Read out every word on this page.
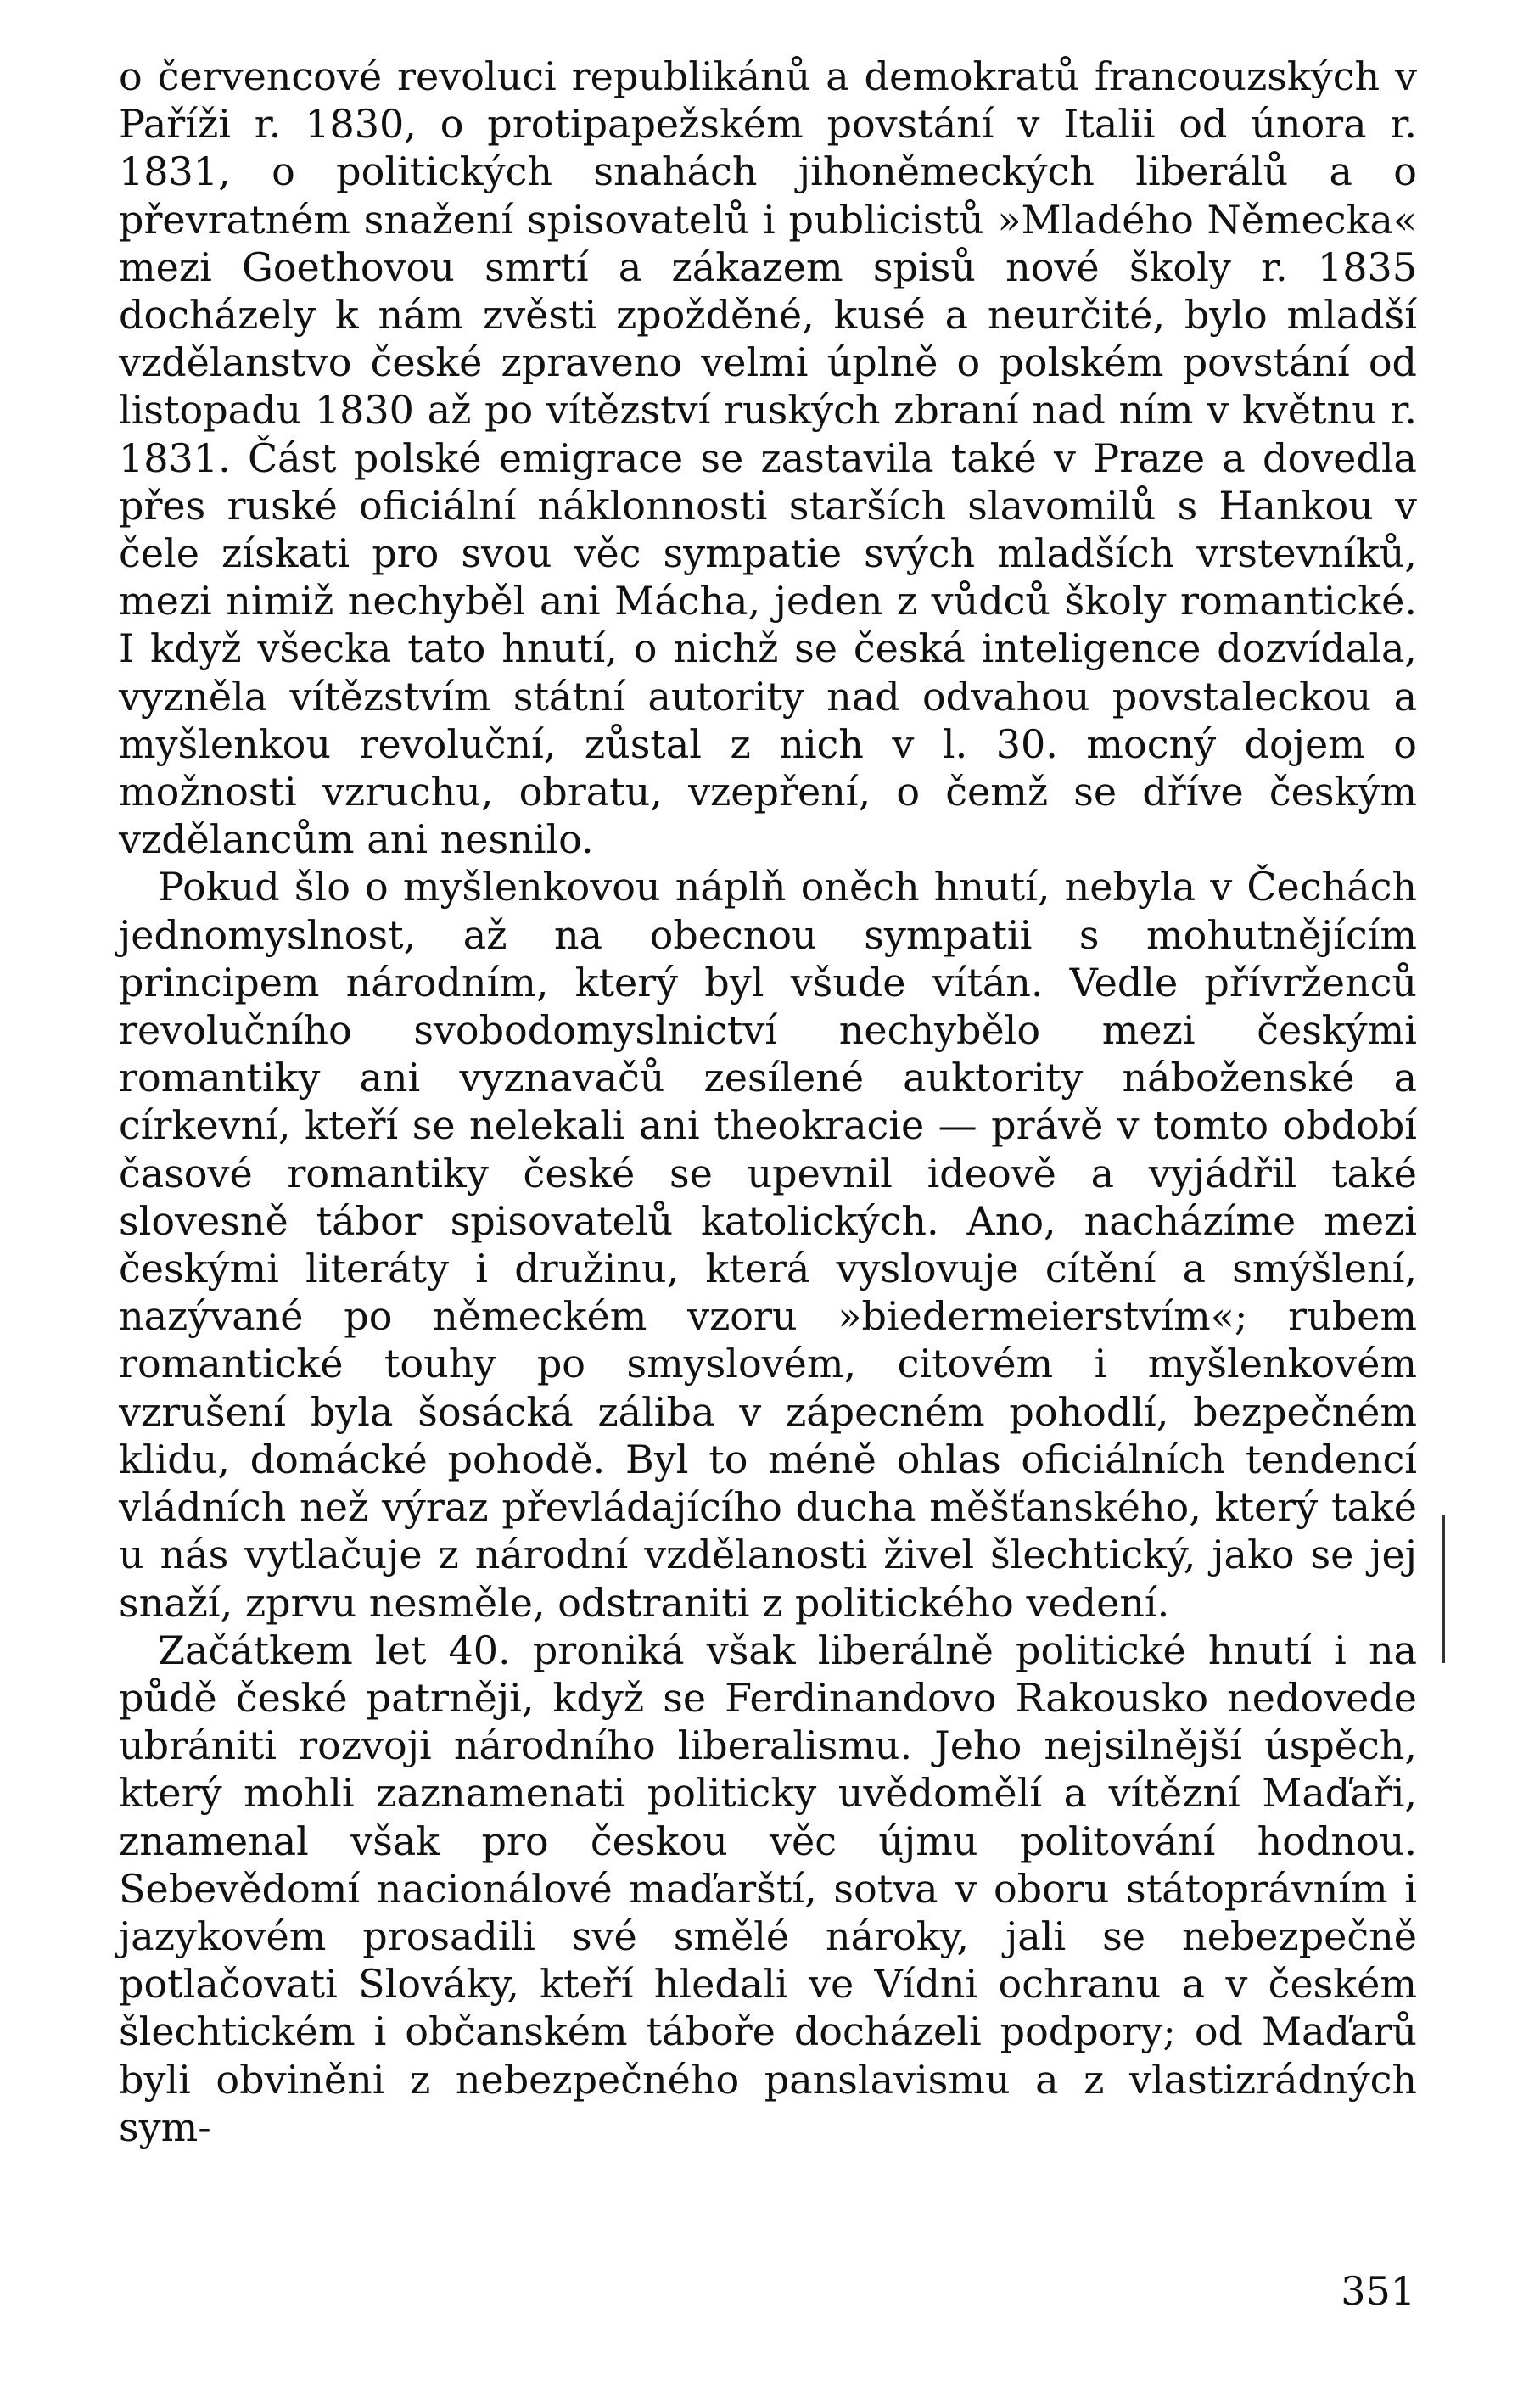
o červencové revoluci republikánů a demokratů francouzských v Paříži r. 1830, o protipapežském povstání v Italii od února r. 1831, o politických snahách jihoněmeckých liberálů a o převratném snažení spisovatelů i publicistů »Mladého Německa« mezi Goethovou smrtí a zákazem spisů nové školy r. 1835 docházely k nám zvěsti zpožděné, kusé a neurčité, bylo mladší vzdělanstvo české zpraveno velmi úplně o polském povstání od listopadu 1830 až po vítězství ruských zbraní nad ním v květnu r. 1831. Část polské emigrace se zastavila také v Praze a dovedla přes ruské oficiální náklonnosti starších slavomilů s Hankou v čele získati pro svou věc sympatie svých mladších vrstevníků, mezi nimiž nechyběl ani Mácha, jeden z vůdců školy romantické. I když všecka tato hnutí, o nichž se česká inteligence dozvídala, vyzněla vítězstvím státní autority nad odvahou povstaleckou a myšlenkou revoluční, zůstal z nich v l. 30. mocný dojem o možnosti vzruchu, obratu, vzepření, o čemž se dříve českým vzdělancům ani nesnilo.

Pokud šlo o myšlenkovou náplň oněch hnutí, nebyla v Čechách jednomyslnost, až na obecnou sympatii s mohutnějícím principem národním, který byl všude vítán. Vedle přívrženců revolučního svobodomyslnictví nechybělo mezi českými romantiky ani vyznavačů zesílené auktority náboženské a církevní, kteří se nelekali ani theokracie — právě v tomto období časové romantiky české se upevnil ideově a vyjádřil také slovesně tábor spisovatelů katolických. Ano, nacházíme mezi českými literáty i družinu, která vyslovuje cítění a smýšlení, nazývané po německém vzoru »biedermeierstvím«; rubem romantické touhy po smyslovém, citovém i myšlenkovém vzrušení byla šosácká záliba v zápecném pohodlí, bezpečném klidu, domácké pohodě. Byl to méně ohlas oficiálních tendencí vládních než výraz převládajícího ducha měšťanského, který také u nás vytlačuje z národní vzdělanosti živel šlechtický, jako se jej snaží, zprvu nesměle, odstraniti z politického vedení.

Začátkem let 40. proniká však liberálně politické hnutí i na půdě české patrněji, když se Ferdinandovo Rakousko nedovede ubrániti rozvoji národního liberalismu. Jeho nejsilnější úspěch, který mohli zaznamenati politicky uvědomělí a vítězní Maďaři, znamenal však pro českou věc újmu politování hodnou. Sebevědomí nacionálové maďarští, sotva v oboru státoprávním i jazykovém prosadili své smělé nároky, jali se nebezpečně potlačovati Slováky, kteří hledali ve Vídni ochranu a v českém šlechtickém i občanském táboře docházeli podpory; od Maďarů byli obviněni z nebezpečného panslavismu a z vlastizrádných sym-

351
